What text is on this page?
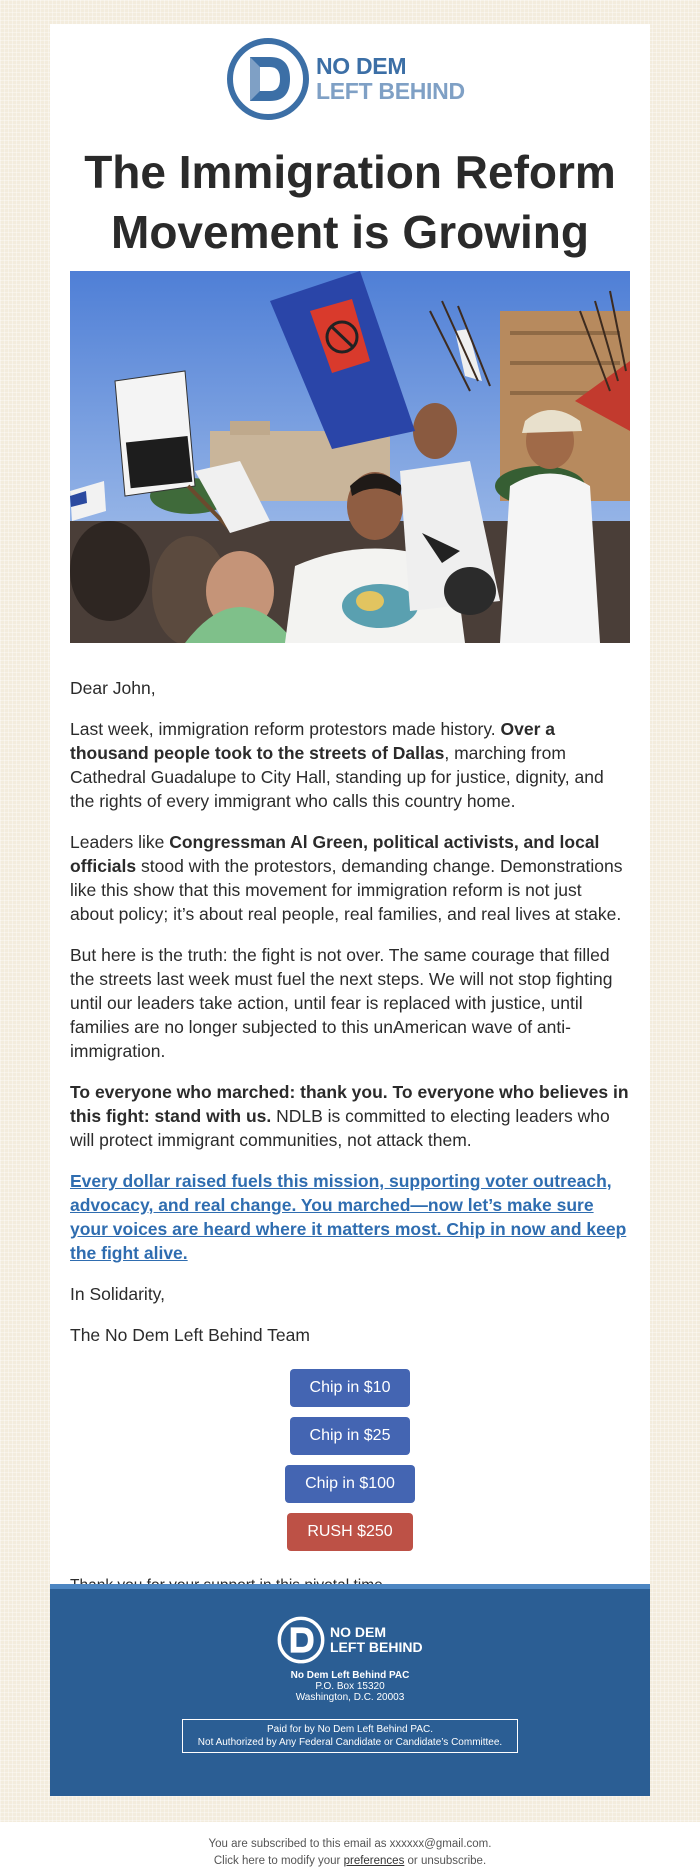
NO DEM
LEFT BEHIND
The Immigration Reform
Movement is Growing

Dear John,

Last week, immigration reform protestors made history. Over a thousand people took to the streets of Dallas, marching from Cathedral Guadalupe to City Hall, standing up for justice, dignity, and the rights of every immigrant who calls this country home.

Leaders like Congressman Al Green, political activists, and local officials stood with the protestors, demanding change. Demonstrations like this show that this movement for immigration reform is not just about policy; it’s about real people, real families, and real lives at stake.

But here is the truth: the fight is not over. The same courage that filled the streets last week must fuel the next steps. We will not stop fighting until our leaders take action, until fear is replaced with justice, until families are no longer subjected to this unAmerican wave of anti-immigration.

To everyone who marched: thank you. To everyone who believes in this fight: stand with us. NDLB is committed to electing leaders who will protect immigrant communities, not attack them.

Every dollar raised fuels this mission, supporting voter outreach, advocacy, and real change. You marched—now let’s make sure your voices are heard where it matters most. Chip in now and keep the fight alive.

In Solidarity,

The No Dem Left Behind Team

Chip in $10
Chip in $25
Chip in $100
RUSH $250

NO DEM
LEFT BEHIND
No Dem Left Behind PAC
P.O. Box 15320
Washington, D.C. 20003
Paid for by No Dem Left Behind PAC.
Not Authorized by Any Federal Candidate or Candidate’s Committee.
You are subscribed to this email as xxxxxx@gmail.com.
Click here to modify your preferences or unsubscribe.
